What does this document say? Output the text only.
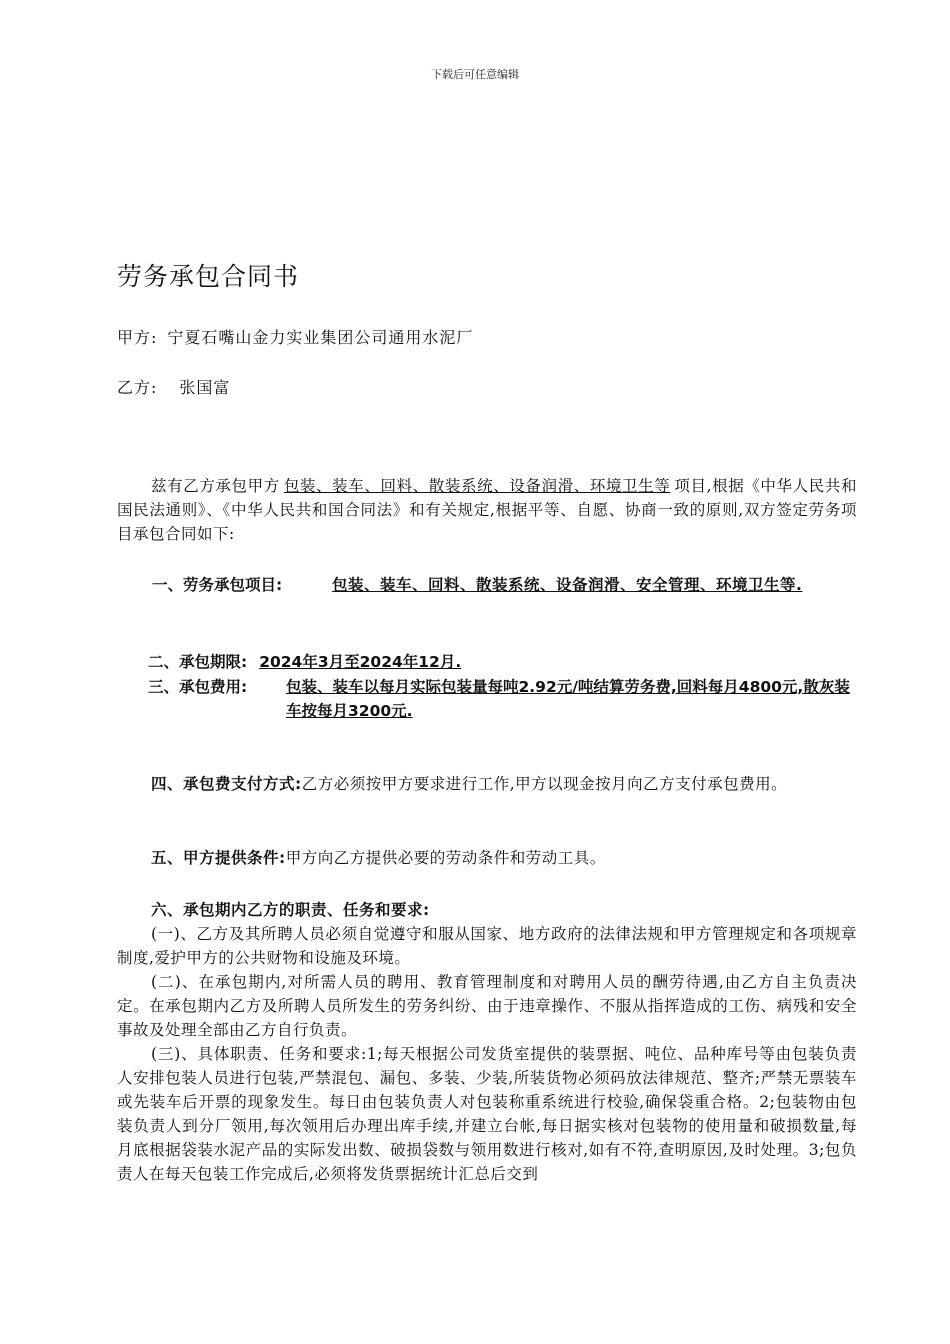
下载后可任意编辑
劳务承包合同书
甲方: 宁夏石嘴山金力实业集团公司通用水泥厂
乙方: 张国富
兹有乙方承包甲方 包装、装车、回料、散装系统、设备润滑、环境卫生等 项目,根据《中华人民共和国民法通则》、《中华人民共和国合同法》和有关规定,根据平等、自愿、协商一致的原则,双方签定劳务项目承包合同如下:
一、劳务承包项目:	包装、装车、回料、散装系统、设备润滑、安全管理、环境卫生等.
二、承包期限: 2024年3月至2024年12月.
三、承包费用:	包装、装车以每月实际包装量每吨2.92元/吨结算劳务费,回料每月4800元,散灰装车按每月3200元.
四、承包费支付方式:乙方必须按甲方要求进行工作,甲方以现金按月向乙方支付承包费用。
五、甲方提供条件:甲方向乙方提供必要的劳动条件和劳动工具。
六、承包期内乙方的职责、任务和要求:

(一)、乙方及其所聘人员必须自觉遵守和服从国家、地方政府的法律法规和甲方管理规定和各项规章制度,爱护甲方的公共财物和设施及环境。

(二)、在承包期内,对所需人员的聘用、教育管理制度和对聘用人员的酬劳待遇,由乙方自主负责决定。在承包期内乙方及所聘人员所发生的劳务纠纷、由于违章操作、不服从指挥造成的工伤、病残和安全事故及处理全部由乙方自行负责。

(三)、具体职责、任务和要求:1;每天根据公司发货室提供的装票据、吨位、品种库号等由包装负责人安排包装人员进行包装,严禁混包、漏包、多装、少装,所装货物必须码放法律规范、整齐;严禁无票装车或先装车后开票的现象发生。每日由包装负责人对包装称重系统进行校验,确保袋重合格。2;包装物由包装负责人到分厂领用,每次领用后办理出库手续,并建立台帐,每日据实核对包装物的使用量和破损数量,每月底根据袋装水泥产品的实际发出数、破损袋数与领用数进行核对,如有不符,查明原因,及时处理。3;包负责人在每天包装工作完成后,必须将发货票据统计汇总后交到
